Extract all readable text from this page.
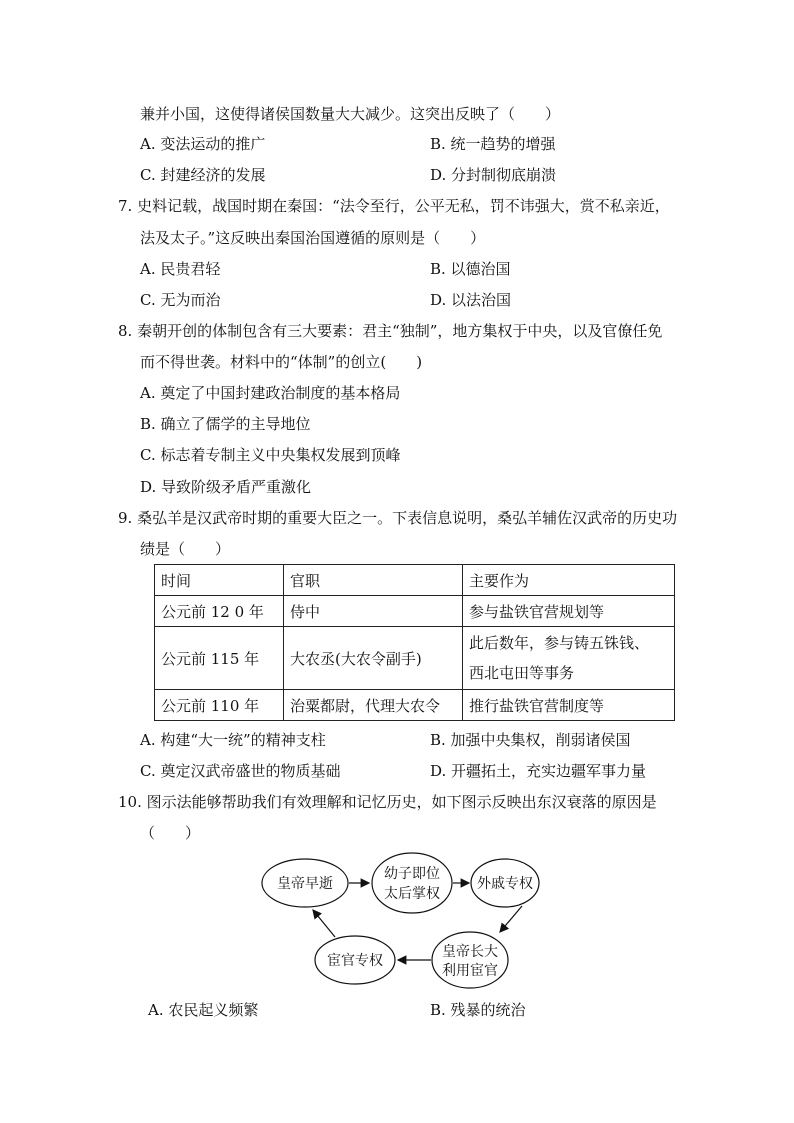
兼并小国，这使得诸侯国数量大大减少。这突出反映了（　　）
A. 变法运动的推广	B. 统一趋势的增强
C. 封建经济的发展	D. 分封制彻底崩溃
7. 史料记载，战国时期在秦国：“法令至行，公平无私，罚不讳强大，赏不私亲近，
法及太子。”这反映出秦国治国遵循的原则是（　　）
A. 民贵君轻	B. 以德治国
C. 无为而治	D. 以法治国
8. 秦朝开创的体制包含有三大要素：君主“独制”，地方集权于中央，以及官僚任免
而不得世袭。材料中的“体制”的创立(　　)
A. 奠定了中国封建政治制度的基本格局
B. 确立了儒学的主导地位
C. 标志着专制主义中央集权发展到顶峰
D. 导致阶级矛盾严重激化
9. 桑弘羊是汉武帝时期的重要大臣之一。下表信息说明，桑弘羊辅佐汉武帝的历史功
绩是（　　）
时间	官职	主要作为
公元前 12 0 年	侍中	参与盐铁官营规划等
公元前 115 年	大农丞(大农令副手)	此后数年，参与铸五铢钱、
西北屯田等事务

公元前 110 年	治粟都尉，代理大农令	推行盐铁官营制度等
A. 构建“大一统”的精神支柱	B. 加强中央集权，削弱诸侯国
C. 奠定汉武帝盛世的物质基础	D. 开疆拓土，充实边疆军事力量
10. 图示法能够帮助我们有效理解和记忆历史，如下图示反映出东汉衰落的原因是
（　　）
皇帝早逝
幼子即位
太后掌权
外戚专权
皇帝长大
利用宦官
宦官专权
A. 农民起义频繁	B. 残暴的统治
